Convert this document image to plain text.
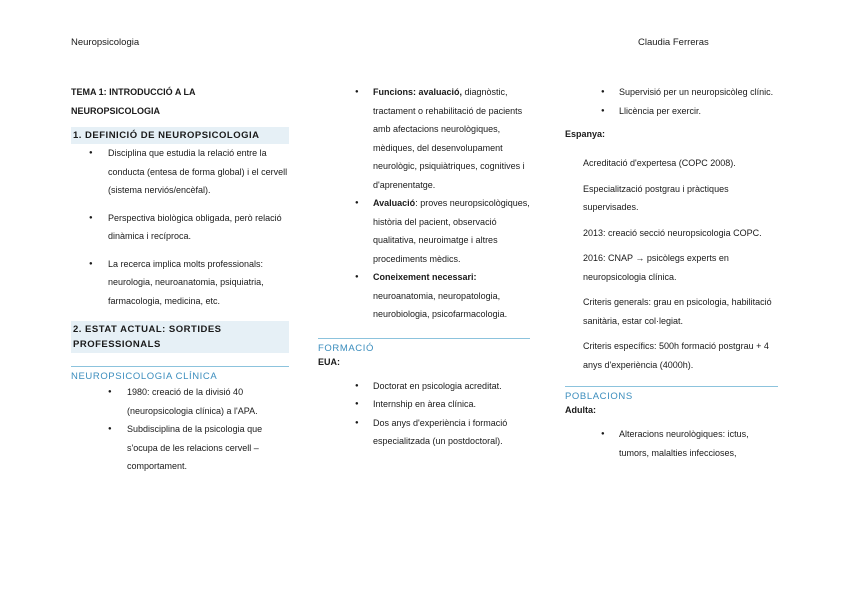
Neuropsicologia	Claudia Ferreras
TEMA 1: INTRODUCCIÓ A LA
NEUROPSICOLOGIA
1. DEFINICIÓ DE NEUROPSICOLOGIA
● Disciplina que estudia la relació entre la conducta (entesa de forma global) i el cervell (sistema nerviós/encèfal).
● Perspectiva biològica obligada, però relació dinàmica i recíproca.
● La recerca implica molts professionals: neurologia, neuroanatomia, psiquiatria, farmacologia, medicina, etc.
2. ESTAT ACTUAL: SORTIDES PROFESSIONALS
NEUROPSICOLOGIA CLÍNICA
● 1980: creació de la divisió 40 (neuropsicologia clínica) a l'APA.
● Subdisciplina de la psicologia que s'ocupa de les relacions cervell – comportament.
● Funcions: avaluació, diagnòstic, tractament o rehabilitació de pacients amb afectacions neurològiques, mèdiques, del desenvolupament neurològic, psiquiàtriques, cognitives i d'aprenentatge.
● Avaluació: proves neuropsicològiques, història del pacient, observació qualitativa, neuroimatge i altres procediments mèdics.
● Coneixement necessari: neuroanatomia, neuropatologia, neurobiologia, psicofarmacologia.
FORMACIÓ
EUA:
● Doctorat en psicologia acreditat.
● Internship en àrea clínica.
● Dos anys d'experiència i formació especialitzada (un postdoctoral).
● Supervisió per un neuropsicòleg clínic.
● Llicència per exercir.
Espanya:
Acreditació d'expertesa (COPC 2008).
Especialització postgrau i pràctiques supervisades.
2013: creació secció neuropsicologia COPC.
2016: CNAP → psicòlegs experts en neuropsicologia clínica.
Criteris generals: grau en psicologia, habilitació sanitària, estar col·legiat.
Criteris específics: 500h formació postgrau + 4 anys d'experiència (4000h).
POBLACIONS
Adulta:
● Alteracions neurològiques: ictus, tumors, malalties infeccioses,
